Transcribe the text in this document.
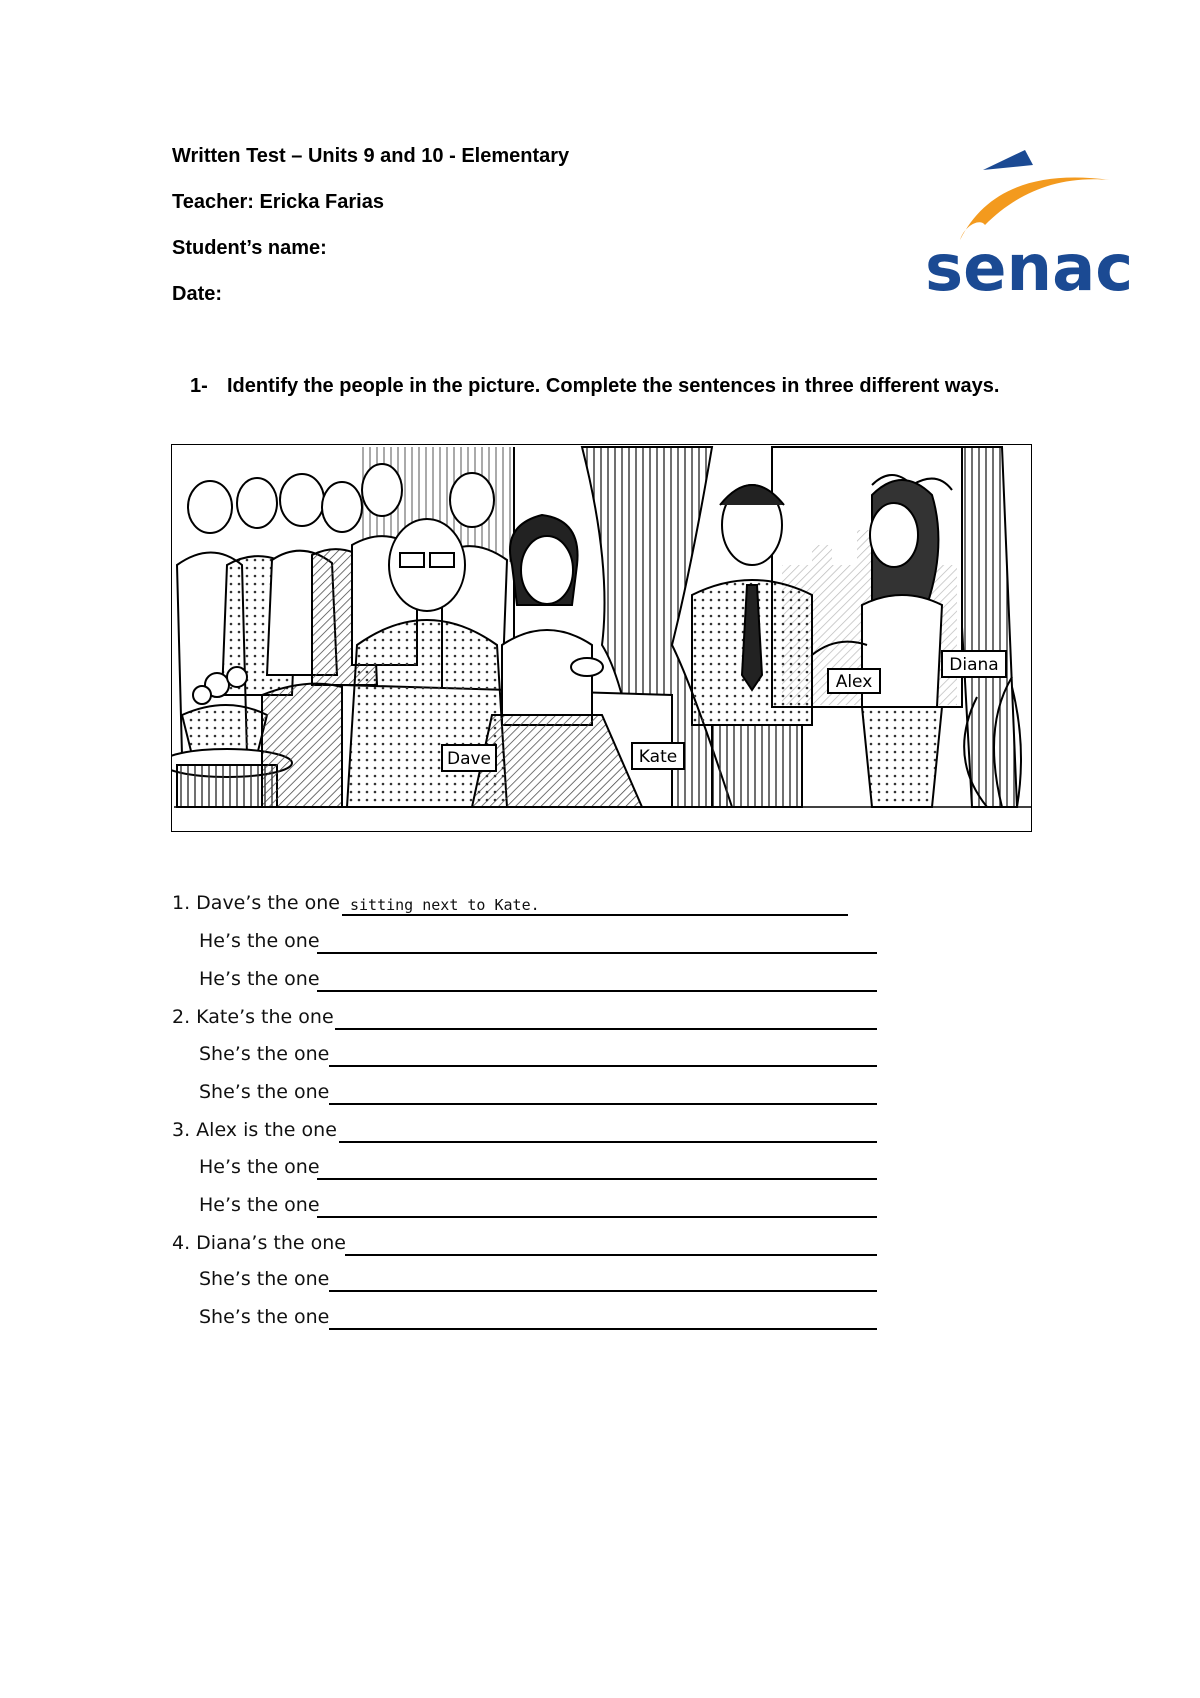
Written Test – Units 9 and 10 - Elementary
Teacher: Ericka Farias
Student’s name:
Date:	senac
1- Identify the people in the picture. Complete the sentences in three different ways.
Dave	Kate
Alex
Diana
1. Dave’s the one sitting next to Kate.
He’s the one
He’s the one
2. Kate’s the one
She’s the one
She’s the one
3. Alex is the one
He’s the one
He’s the one
4. Diana’s the one
She’s the one
She’s the one
